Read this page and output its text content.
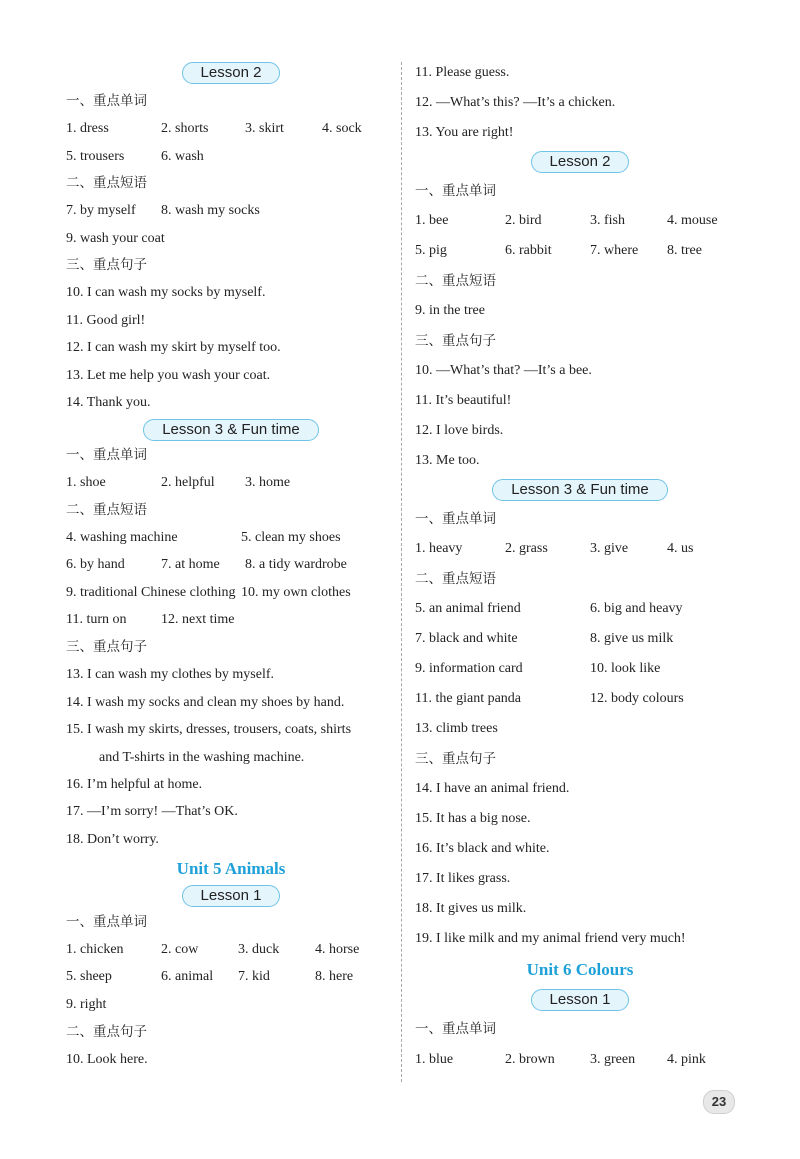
Lesson 2
一、重点单词
1. dress	2. shorts	3. skirt	4. sock
5. trousers	6. wash
二、重点短语
7. by myself	8. wash my socks
9. wash your coat
三、重点句子
10. I can wash my socks by myself.
11. Good girl!
12. I can wash my skirt by myself too.
13. Let me help you wash your coat.
14. Thank you.
Lesson 3 & Fun time
一、重点单词
1. shoe	2. helpful	3. home
二、重点短语
4. washing machine	5. clean my shoes
6. by hand	7. at home	8. a tidy wardrobe
9. traditional Chinese clothing 10. my own clothes
11. turn on	12. next time
三、重点句子
13. I can wash my clothes by myself.
14. I wash my socks and clean my shoes by hand.
15. I wash my skirts, dresses, trousers, coats, shirts
and T-shirts in the washing machine.
16. I’m helpful at home.
17. —I’m sorry! —That’s OK.
18. Don’t worry.
Unit 5 Animals
Lesson 1
一、重点单词
1. chicken	2. cow	3. duck	4. horse
5. sheep	6. animal	7. kid	8. here
9. right
二、重点句子
10. Look here.
11. Please guess.
12. —What’s this? —It’s a chicken.
13. You are right!
Lesson 2
一、重点单词
1. bee	2. bird	3. fish	4. mouse
5. pig	6. rabbit	7. where	8. tree
二、重点短语
9. in the tree
三、重点句子
10. —What’s that? —It’s a bee.
11. It’s beautiful!
12. I love birds.
13. Me too.
Lesson 3 & Fun time
一、重点单词
1. heavy	2. grass	3. give	4. us
二、重点短语
5. an animal friend	6. big and heavy
7. black and white	8. give us milk
9. information card	10. look like
11. the giant panda	12. body colours
13. climb trees
三、重点句子
14. I have an animal friend.
15. It has a big nose.
16. It’s black and white.
17. It likes grass.
18. It gives us milk.
19. I like milk and my animal friend very much!
Unit 6 Colours
Lesson 1
一、重点单词
1. blue	2. brown	3. green	4. pink
23
